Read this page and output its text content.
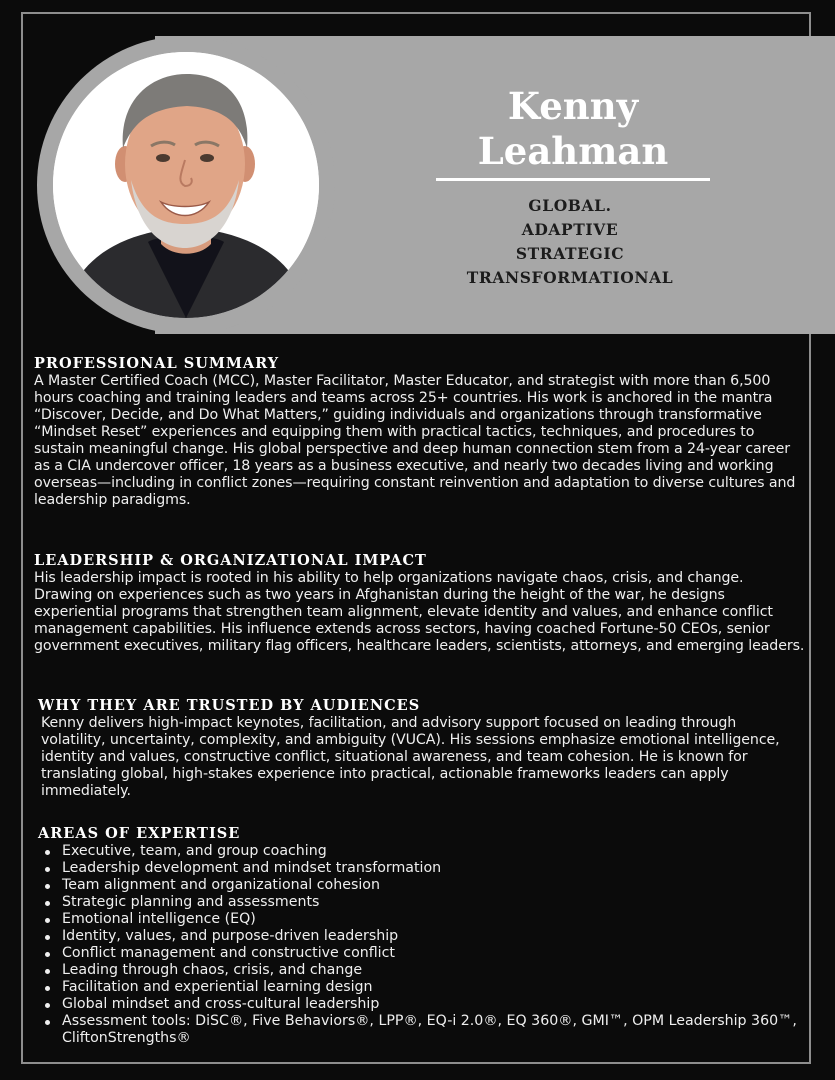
Kenny
Leahman
GLOBAL.
ADAPTIVE
STRATEGIC
TRANSFORMATIONAL
PROFESSIONAL SUMMARY
A Master Certified Coach (MCC), Master Facilitator, Master Educator, and strategist with more than 6,500 hours coaching and training leaders and teams across 25+ countries. His work is anchored in the mantra “Discover, Decide, and Do What Matters,” guiding individuals and organizations through transformative “Mindset Reset” experiences and equipping them with practical tactics, techniques, and procedures to sustain meaningful change. His global perspective and deep human connection stem from a 24-year career as a CIA undercover officer, 18 years as a business executive, and nearly two decades living and working overseas—including in conflict zones—requiring constant reinvention and adaptation to diverse cultures and leadership paradigms.
LEADERSHIP & ORGANIZATIONAL IMPACT
His leadership impact is rooted in his ability to help organizations navigate chaos, crisis, and change. Drawing on experiences such as two years in Afghanistan during the height of the war, he designs experiential programs that strengthen team alignment, elevate identity and values, and enhance conflict management capabilities. His influence extends across sectors, having coached Fortune-50 CEOs, senior government executives, military flag officers, healthcare leaders, scientists, attorneys, and emerging leaders.
WHY THEY ARE TRUSTED BY AUDIENCES
Kenny delivers high-impact keynotes, facilitation, and advisory support focused on leading through volatility, uncertainty, complexity, and ambiguity (VUCA). His sessions emphasize emotional intelligence, identity and values, constructive conflict, situational awareness, and team cohesion. He is known for translating global, high-stakes experience into practical, actionable frameworks leaders can apply immediately.
AREAS OF EXPERTISE
Executive, team, and group coaching
Leadership development and mindset transformation
Team alignment and organizational cohesion
Strategic planning and assessments
Emotional intelligence (EQ)
Identity, values, and purpose-driven leadership
Conflict management and constructive conflict
Leading through chaos, crisis, and change
Facilitation and experiential learning design
Global mindset and cross-cultural leadership
Assessment tools: DiSC®, Five Behaviors®, LPP®, EQ-i 2.0®, EQ 360®, GMI™, OPM Leadership 360™, CliftonStrengths®
